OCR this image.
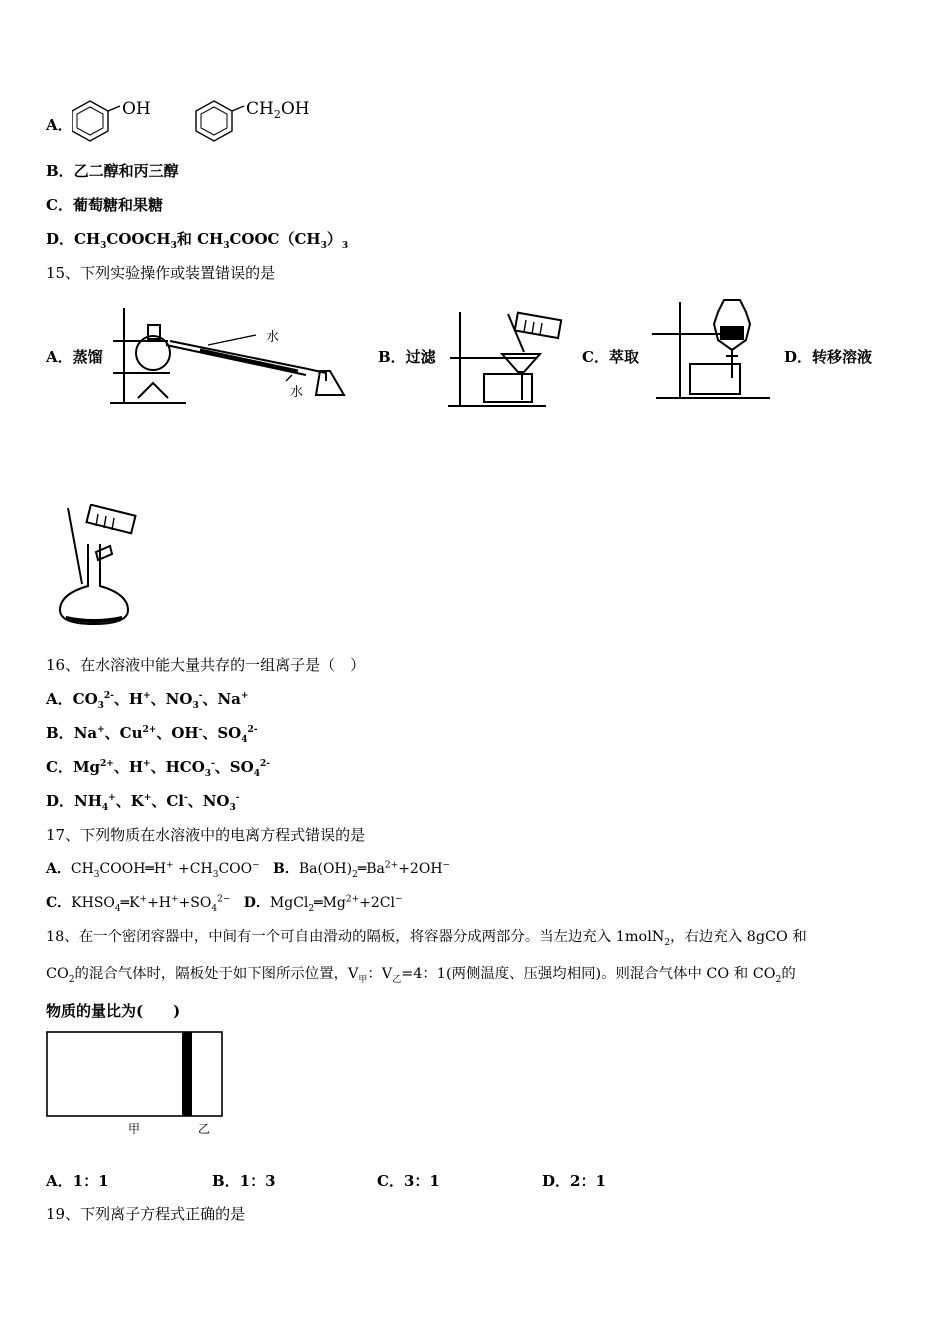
A．
OH	$CH_2OH$
B．乙二醇和丙三醇
C．葡萄糖和果糖
D．$CH_3COOCH_3$和 $CH_3COOC(CH_3)_3$
15、下列实验操作或装置错误的是
A．蒸馏
水
水
B．过滤	C．萃取	D．转移溶液
16、在水溶液中能大量共存的一组离子是（　）
A．$CO_3^{2-}$、H+、$NO_3^-$、Na+
B．Na+、$Cu^{2+}$、OH-、$SO_4^{2-}$
C．$Mg^{2+}$、H+、$HCO_3^-$、$SO_4^{2-}$
D．$NH_4^+$、K+、Cl-、$NO_3^-$
17、下列物质在水溶液中的电离方程式错误的是
A．$CH_3COOH═H^+ +CH_3COO^-$ B．$Ba(OH)_2═Ba^{2+}+2OH^-$
C．$KHSO_4═K^++H^++SO_4^{2-}$ D．$MgCl_2═Mg^{2+}+2Cl^-$
18、在一个密闭容器中，中间有一个可自由滑动的隔板，将容器分成两部分。当左边充入 1molN$_2$，右边充入 8gCO 和
$CO_2$的混合气体时，隔板处于如下图所示位置，$V_甲$：$V_乙=4$：1(两侧温度、压强均相同)。则混合气体中 CO 和 $CO_2$的
物质的量比为(　　)
甲	乙
A．1：1	B．1：3	C．3：1	D．2：1
19、下列离子方程式正确的是
